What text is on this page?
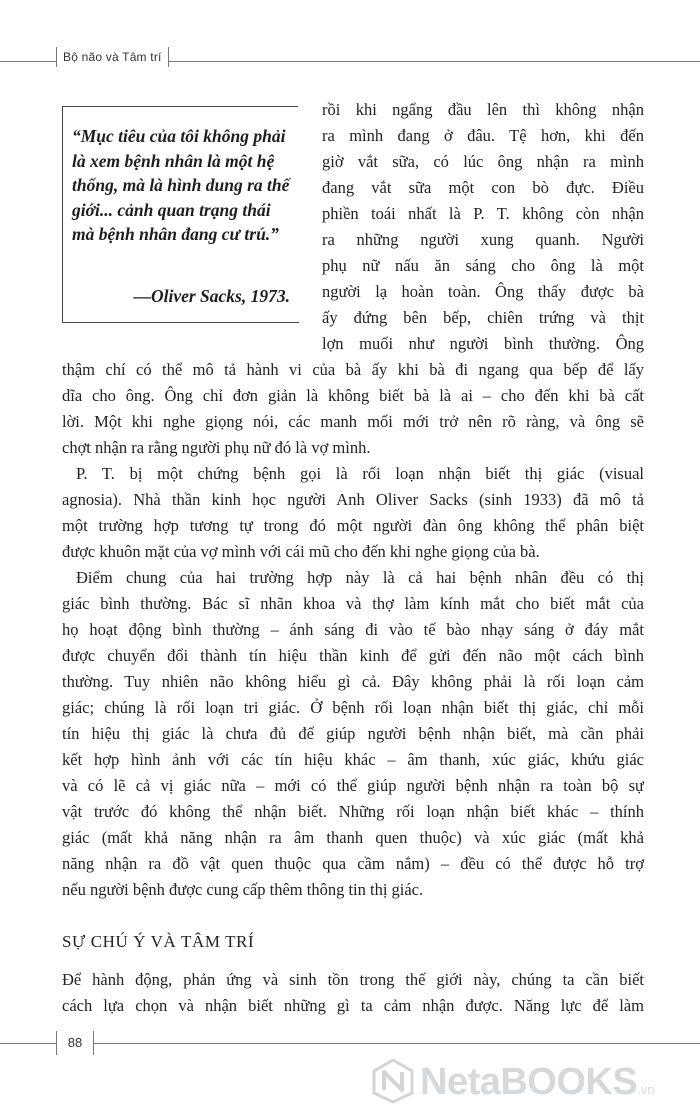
Bộ não và Tâm trí
“Mục tiêu của tôi không phải là xem bệnh nhân là một hệ thống, mà là hình dung ra thế giới... cảnh quan trạng thái mà bệnh nhân đang cư trú.”
—Oliver Sacks, 1973.
rồi khi ngẩng đầu lên thì không nhận
ra mình đang ở đâu. Tệ hơn, khi đến
giờ vắt sữa, có lúc ông nhận ra mình
đang vắt sữa một con bò đực. Điều
phiền toái nhất là P. T. không còn nhận
ra những người xung quanh. Người
phụ nữ nấu ăn sáng cho ông là một
người lạ hoàn toàn. Ông thấy được bà
ấy đứng bên bếp, chiên trứng và thịt
lợn muối như người bình thường. Ông
thậm chí có thể mô tả hành vi của bà ấy khi bà đi ngang qua bếp để lấy
dĩa cho ông. Ông chỉ đơn giản là không biết bà là ai – cho đến khi bà cất
lời. Một khi nghe giọng nói, các manh mối mới trở nên rõ ràng, và ông sẽ
chợt nhận ra rằng người phụ nữ đó là vợ mình.
P. T. bị một chứng bệnh gọi là rối loạn nhận biết thị giác (visual
agnosia). Nhà thần kinh học người Anh Oliver Sacks (sinh 1933) đã mô tả
một trường hợp tương tự trong đó một người đàn ông không thể phân biệt
được khuôn mặt của vợ mình với cái mũ cho đến khi nghe giọng của bà.
Điểm chung của hai trường hợp này là cả hai bệnh nhân đều có thị
giác bình thường. Bác sĩ nhãn khoa và thợ làm kính mắt cho biết mắt của
họ hoạt động bình thường – ánh sáng đi vào tế bào nhạy sáng ở đáy mắt
được chuyển đổi thành tín hiệu thần kinh để gửi đến não một cách bình
thường. Tuy nhiên não không hiểu gì cả. Đây không phải là rối loạn cảm
giác; chúng là rối loạn tri giác. Ở bệnh rối loạn nhận biết thị giác, chỉ mỗi
tín hiệu thị giác là chưa đủ để giúp người bệnh nhận biết, mà cần phải
kết hợp hình ảnh với các tín hiệu khác – âm thanh, xúc giác, khứu giác
và có lẽ cả vị giác nữa – mới có thể giúp người bệnh nhận ra toàn bộ sự
vật trước đó không thể nhận biết. Những rối loạn nhận biết khác – thính
giác (mất khả năng nhận ra âm thanh quen thuộc) và xúc giác (mất khả
năng nhận ra đồ vật quen thuộc qua cầm nắm) – đều có thể được hỗ trợ
nếu người bệnh được cung cấp thêm thông tin thị giác.
SỰ CHÚ Ý VÀ TÂM TRÍ
Để hành động, phản ứng và sinh tồn trong thế giới này, chúng ta cần biết
cách lựa chọn và nhận biết những gì ta cảm nhận được. Năng lực để làm
88
NetaBOOKS.vn
